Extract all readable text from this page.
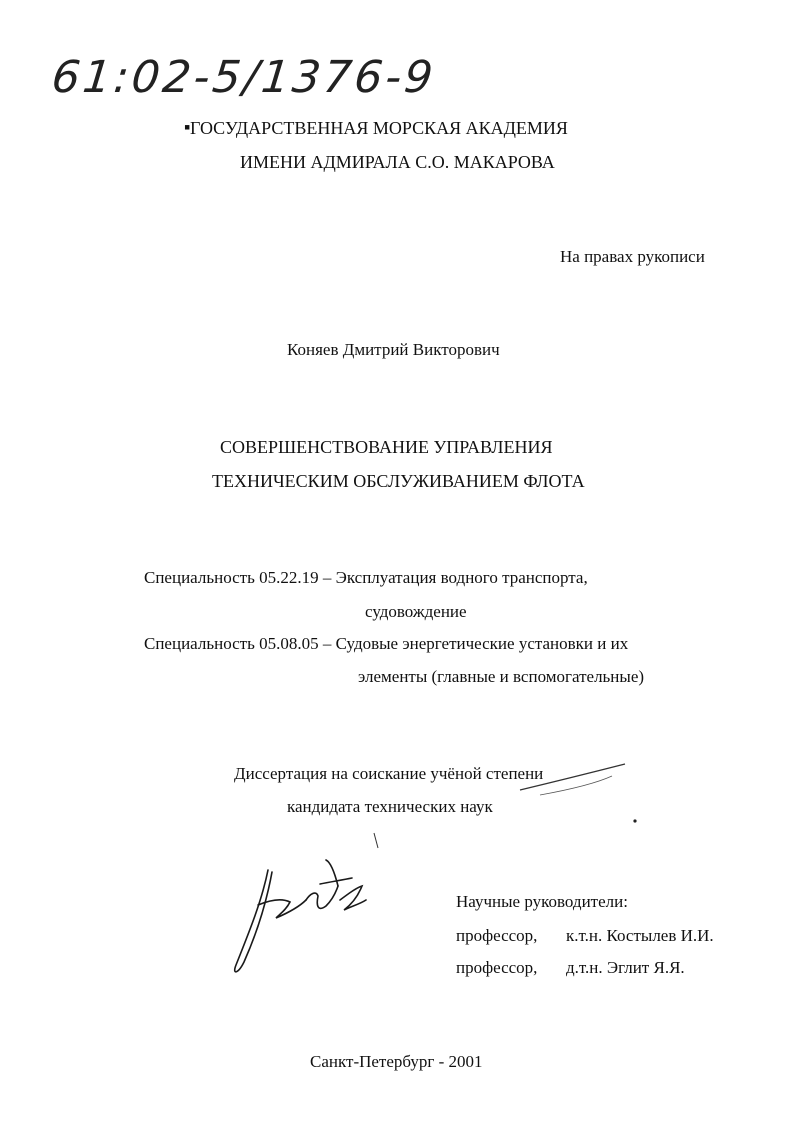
61:02-5/1376-9
▪ ГОСУДАРСТВЕННАЯ МОРСКАЯ АКАДЕМИЯ
ИМЕНИ АДМИРАЛА С.О. МАКАРОВА
На правах рукописи
Коняев Дмитрий Викторович
СОВЕРШЕНСТВОВАНИЕ УПРАВЛЕНИЯ
ТЕХНИЧЕСКИМ ОБСЛУЖИВАНИЕМ ФЛОТА
Специальность 05.22.19 – Эксплуатация водного транспорта,
судовождение
Специальность 05.08.05 – Судовые энергетические установки и их
элементы (главные и вспомогательные)
Диссертация на соискание учёной степени
кандидата технических наук
Научные руководители:
профессор, к.т.н. Костылев И.И.
профессор, д.т.н. Эглит Я.Я.
Санкт-Петербург - 2001
